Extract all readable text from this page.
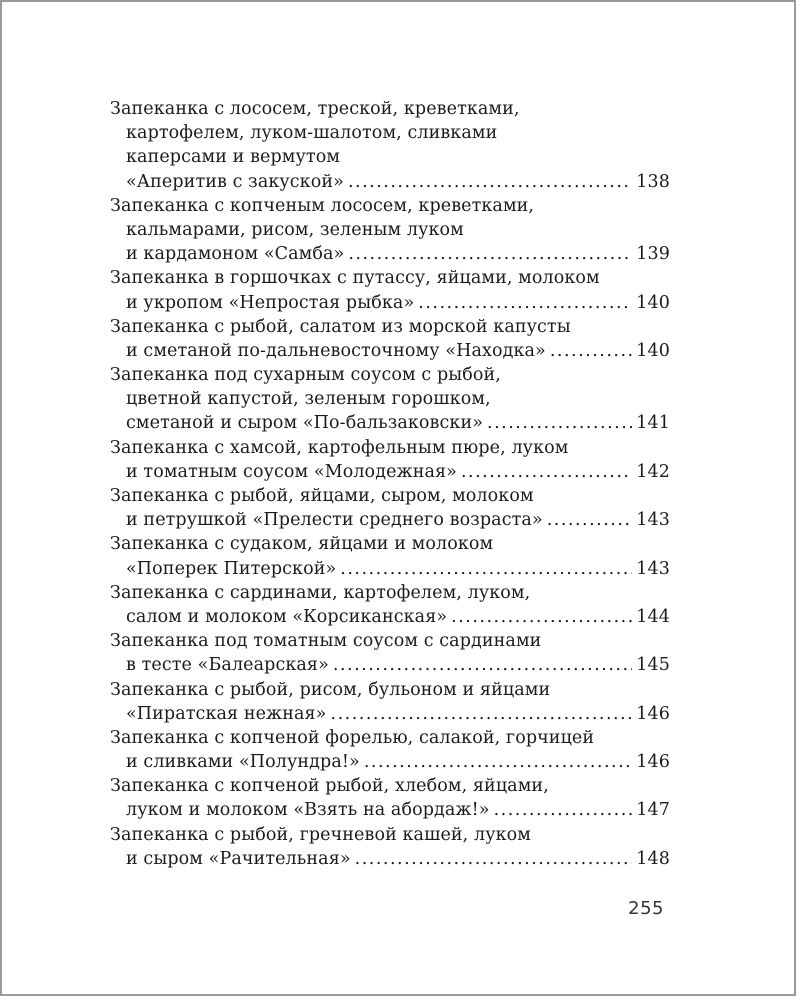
Запеканка с лососем, треской, креветками,
картофелем, луком-шалотом, сливками
каперсами и вермутом
«Аперитив с закуской» .....	138
Запеканка с копченым лососем, креветками,
кальмарами, рисом, зеленым луком
и кардамоном «Самба» .....	139
Запеканка в горшочках с путассу, яйцами, молоком
и укропом «Непростая рыбка» .....	140
Запеканка с рыбой, салатом из морской капусты
и сметаной по-дальневосточному «Находка» .....	140
Запеканка под сухарным соусом с рыбой,
цветной капустой, зеленым горошком,
сметаной и сыром «По-бальзаковски» .....	141
Запеканка с хамсой, картофельным пюре, луком
и томатным соусом «Молодежная» .....	142
Запеканка с рыбой, яйцами, сыром, молоком
и петрушкой «Прелести среднего возраста» .....	143
Запеканка с судаком, яйцами и молоком
«Поперек Питерской» .....	143
Запеканка с сардинами, картофелем, луком,
салом и молоком «Корсиканская» .....	144
Запеканка под томатным соусом с сардинами
в тесте «Балеарская» .....	145
Запеканка с рыбой, рисом, бульоном и яйцами
«Пиратская нежная» .....	146
Запеканка с копченой форелью, салакой, горчицей
и сливками «Полундра!» .....	146
Запеканка с копченой рыбой, хлебом, яйцами,
луком и молоком «Взять на абордаж!» .....	147
Запеканка с рыбой, гречневой кашей, луком
и сыром «Рачительная» .....	148
255
